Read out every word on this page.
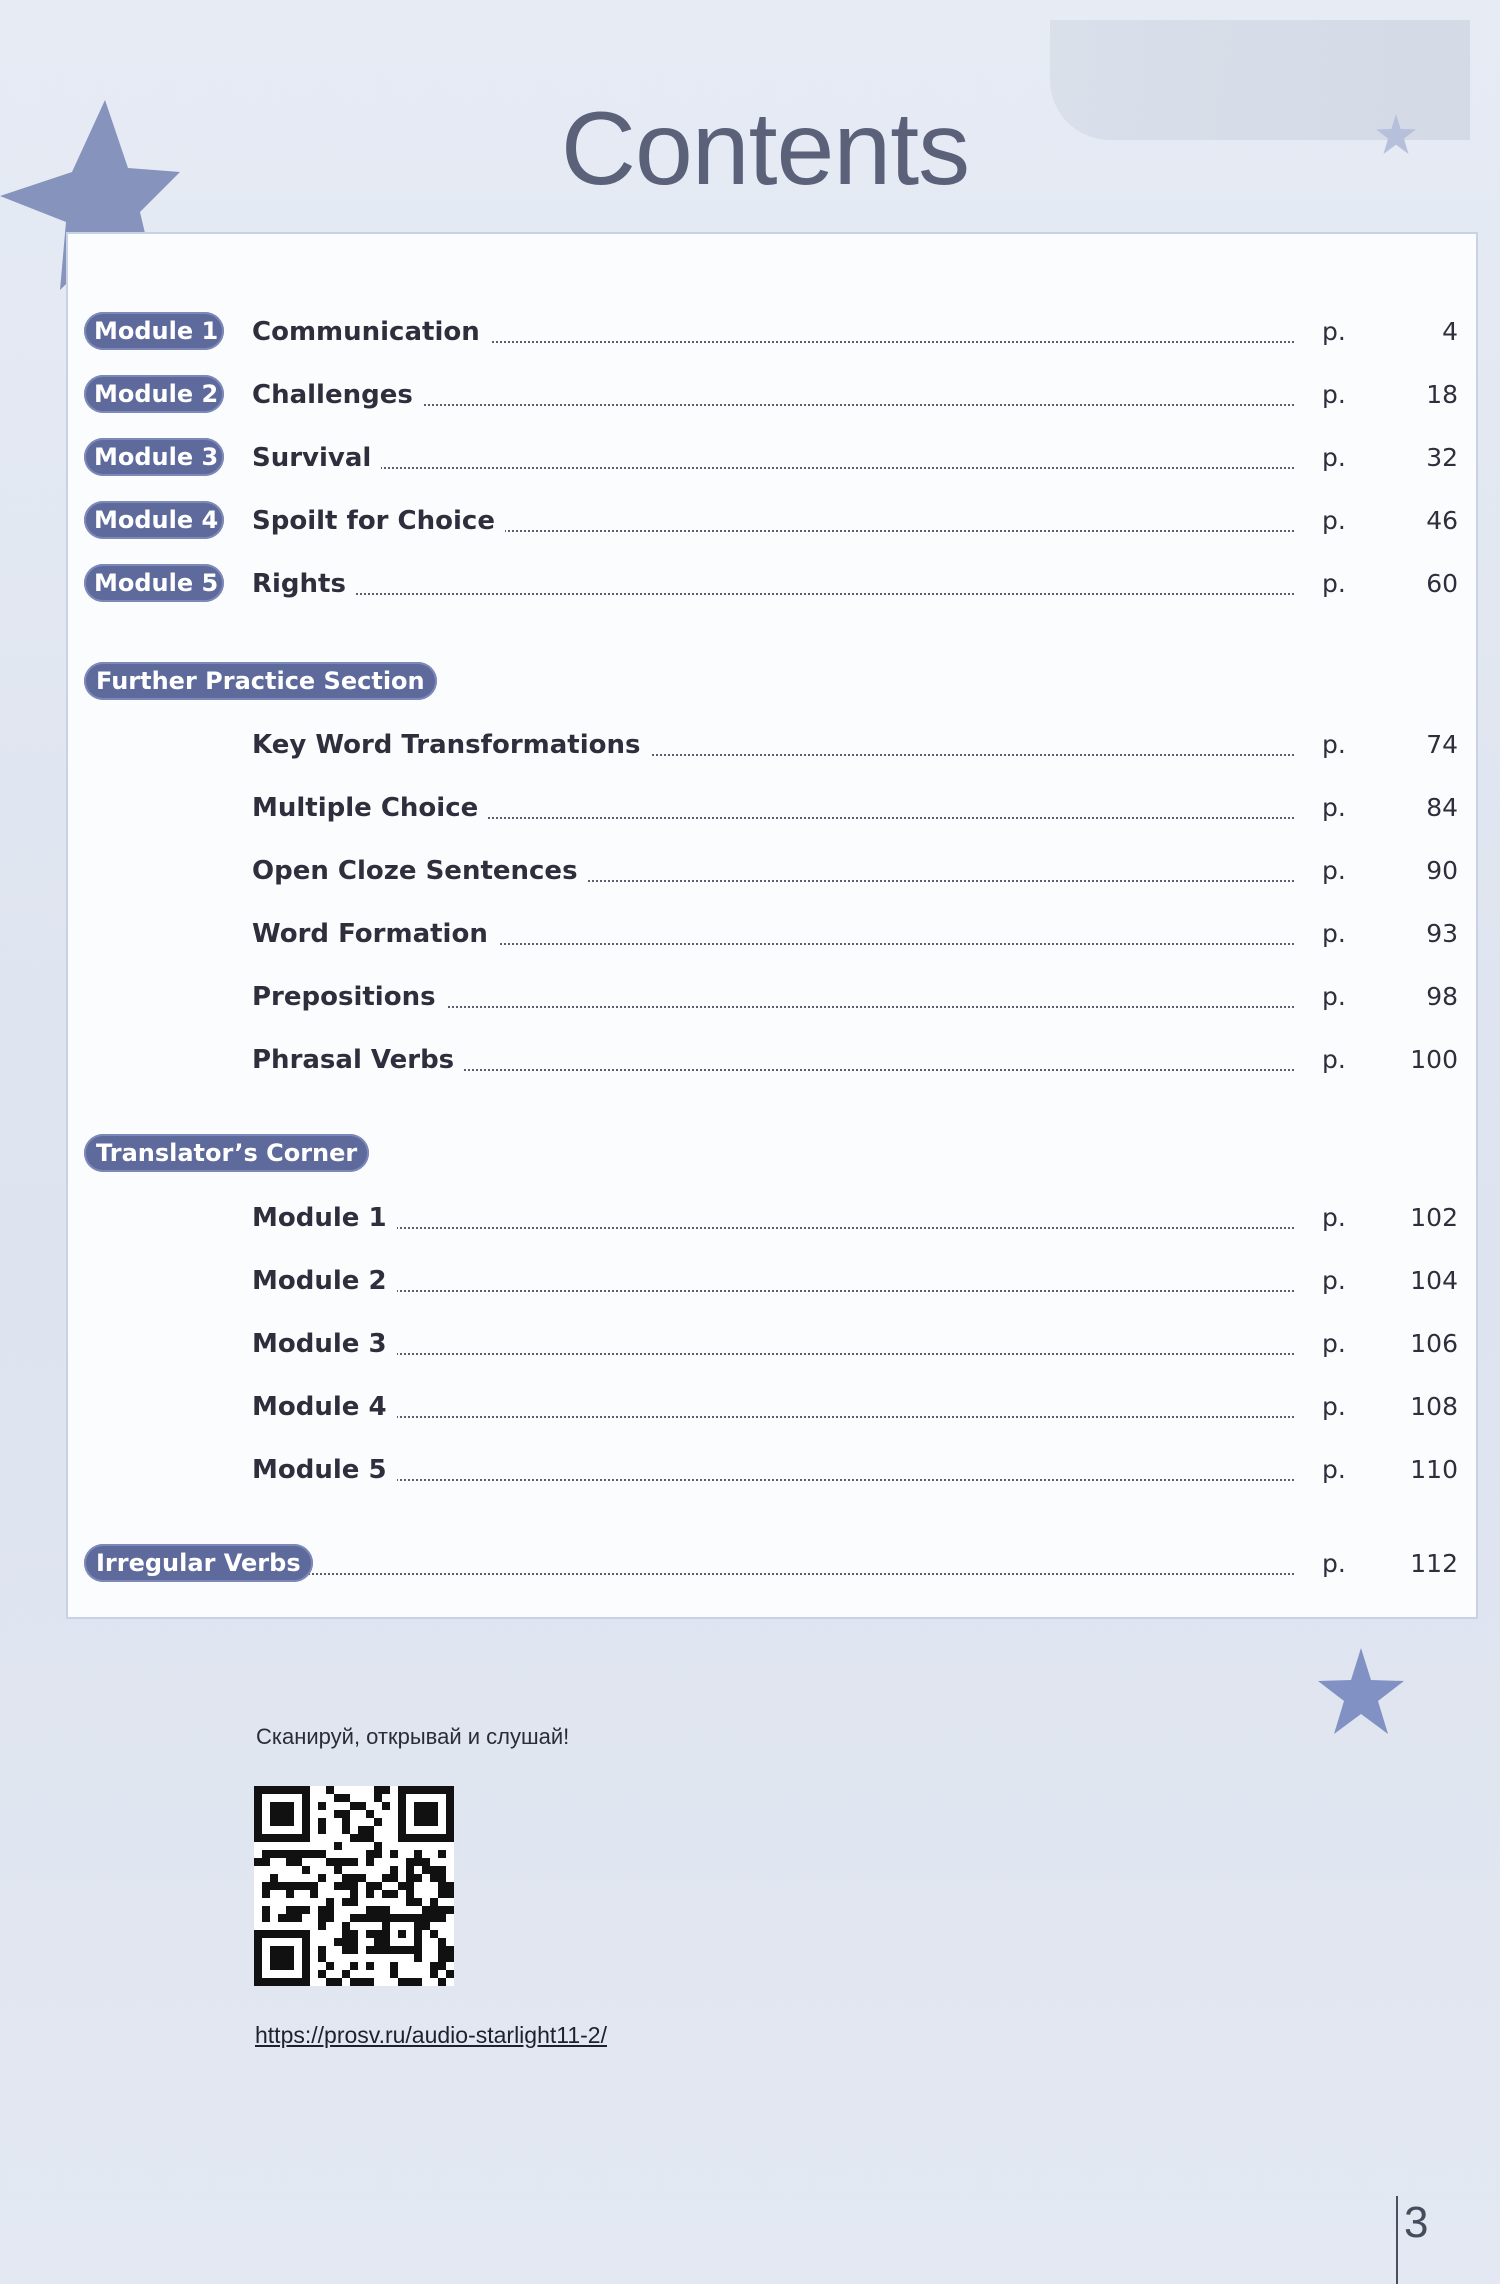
Contents
Module 1 Communication	p.	4
Module 2 Challenges	p.	18
Module 3 Survival	p.	32
Module 4 Spoilt for Choice	p.	46
Module 5 Rights	p.	60
Further Practice Section
Key Word Transformations	p.	74
Multiple Choice	p.	84
Open Cloze Sentences	p.	90
Word Formation	p.	93
Prepositions	p.	98
Phrasal Verbs	p.	100
Translator’s Corner
Module 1	p.	102
Module 2	p.	104
Module 3	p.	106
Module 4	p.	108
Module 5	p.	110
Irregular Verbs	p.	112
Сканируй, открывай и слушай!
https://prosv.ru/audio-starlight11-2/
3
